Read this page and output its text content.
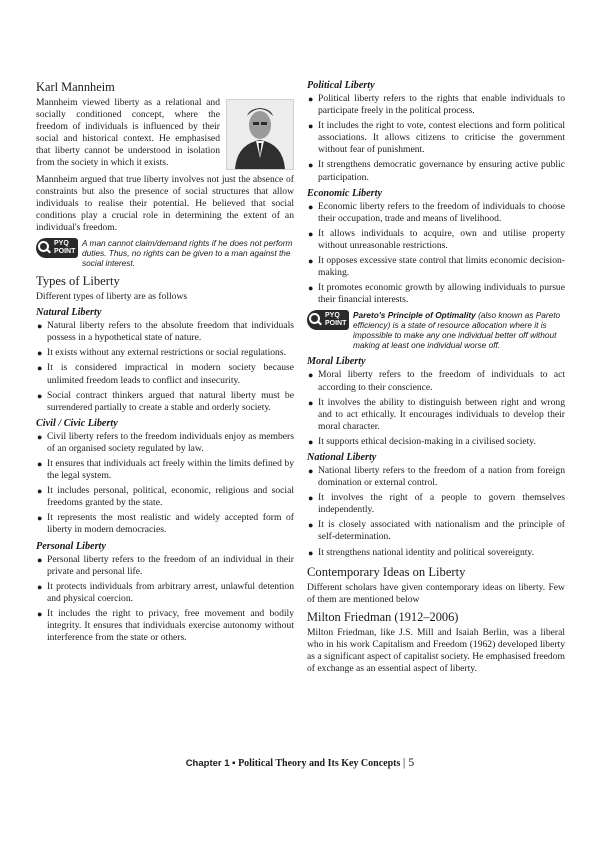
Karl Mannheim

Mannheim viewed liberty as a relational and socially conditioned concept, where the freedom of individuals is influenced by their social and historical context. He emphasised that liberty cannot be understood in isolation from the society in which it exists.

Mannheim argued that true liberty involves not just the absence of constraints but also the presence of social structures that allow individuals to realise their potential. He believed that social conditions play a crucial role in determining the extent of an individual's freedom.

PYQ
POINT
A man cannot claim/demand rights if he does not perform duties. Thus, no rights can be given to a man against the social interest.
Types of Liberty

Different types of liberty are as follows

Natural Liberty
● Natural liberty refers to the absolute freedom that individuals possess in a hypothetical state of nature.
● It exists without any external restrictions or social regulations.
● It is considered impractical in modern society because unlimited freedom leads to conflict and insecurity.
● Social contract thinkers argued that natural liberty must be surrendered partially to create a stable and orderly society.
Civil / Civic Liberty
● Civil liberty refers to the freedom individuals enjoy as members of an organised society regulated by law.
● It ensures that individuals act freely within the limits defined by the legal system.
● It includes personal, political, economic, religious and social freedoms granted by the state.
● It represents the most realistic and widely accepted form of liberty in modern democracies.
Personal Liberty
● Personal liberty refers to the freedom of an individual in their private and personal life.
● It protects individuals from arbitrary arrest, unlawful detention and physical coercion.
● It includes the right to privacy, free movement and bodily integrity. It ensures that individuals exercise autonomy without interference from the state or others.
Political Liberty
● Political liberty refers to the rights that enable individuals to participate freely in the political process.
● It includes the right to vote, contest elections and form political associations. It allows citizens to criticise the government without fear of punishment.
● It strengthens democratic governance by ensuring active public participation.
Economic Liberty
● Economic liberty refers to the freedom of individuals to choose their occupation, trade and means of livelihood.
● It allows individuals to acquire, own and utilise property without unreasonable restrictions.
● It opposes excessive state control that limits economic decision-making.
● It promotes economic growth by allowing individuals to pursue their financial interests.
PYQ
POINT
Pareto's Principle of Optimality (also known as Pareto efficiency) is a state of resource allocation where it is impossible to make any one individual better off without making at least one individual worse off.
Moral Liberty
● Moral liberty refers to the freedom of individuals to act according to their conscience.
● It involves the ability to distinguish between right and wrong and to act ethically. It encourages individuals to develop their moral character.
● It supports ethical decision-making in a civilised society.
National Liberty
● National liberty refers to the freedom of a nation from foreign domination or external control.
● It involves the right of a people to govern themselves independently.
● It is closely associated with nationalism and the principle of self-determination.
● It strengthens national identity and political sovereignty.
Contemporary Ideas on Liberty

Different scholars have given contemporary ideas on liberty. Few of them are mentioned below

Milton Friedman (1912–2006)

Milton Friedman, like J.S. Mill and Isaiah Berlin, was a liberal who in his work Capitalism and Freedom (1962) developed liberty as a significant aspect of capitalist society. He emphasised freedom of exchange as an essential aspect of liberty.

Chapter 1 ▪ Political Theory and Its Key Concepts | 5
